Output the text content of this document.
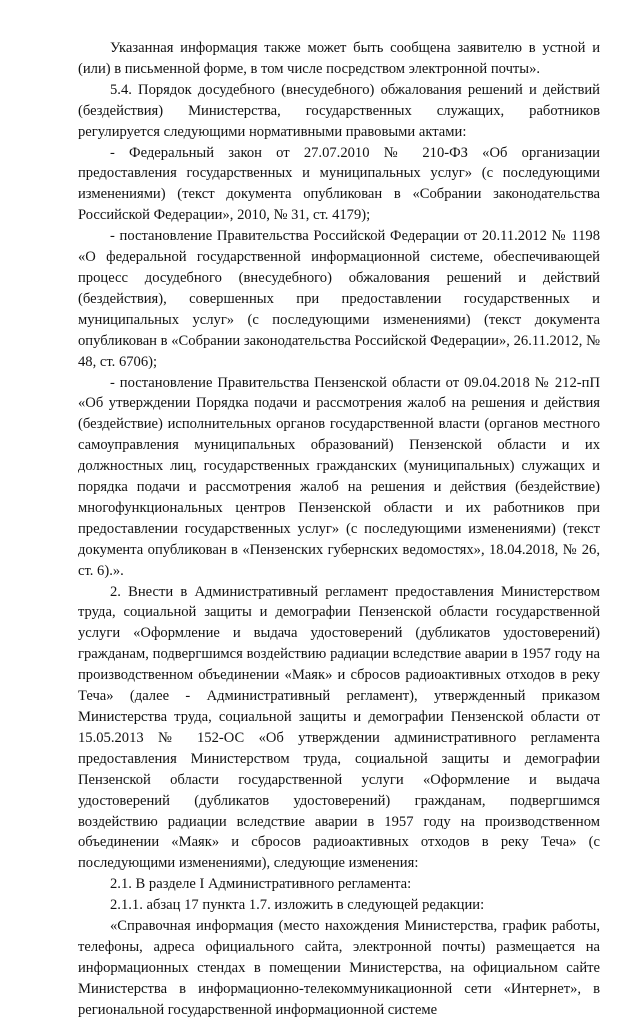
Указанная информация также может быть сообщена заявителю в устной и (или) в письменной форме, в том числе посредством электронной почты».

5.4. Порядок досудебного (внесудебного) обжалования решений и действий (бездействия) Министерства, государственных служащих, работников регулируется следующими нормативными правовыми актами:

- Федеральный закон от 27.07.2010 № 210-ФЗ «Об организации предоставления государственных и муниципальных услуг» (с последующими изменениями) (текст документа опубликован в «Собрании законодательства Российской Федерации», 2010, № 31, ст. 4179);

- постановление Правительства Российской Федерации от 20.11.2012 № 1198 «О федеральной государственной информационной системе, обеспечивающей процесс досудебного (внесудебного) обжалования решений и действий (бездействия), совершенных при предоставлении государственных и муниципальных услуг» (с последующими изменениями) (текст документа опубликован в «Собрании законодательства Российской Федерации», 26.11.2012, № 48, ст. 6706);

- постановление Правительства Пензенской области от 09.04.2018 № 212-пП «Об утверждении Порядка подачи и рассмотрения жалоб на решения и действия (бездействие) исполнительных органов государственной власти (органов местного самоуправления муниципальных образований) Пензенской области и их должностных лиц, государственных гражданских (муниципальных) служащих и порядка подачи и рассмотрения жалоб на решения и действия (бездействие) многофункциональных центров Пензенской области и их работников при предоставлении государственных услуг» (с последующими изменениями) (текст документа опубликован в «Пензенских губернских ведомостях», 18.04.2018, № 26, ст. 6).».

2. Внести в Административный регламент предоставления Министерством труда, социальной защиты и демографии Пензенской области государственной услуги «Оформление и выдача удостоверений (дубликатов удостоверений) гражданам, подвергшимся воздействию радиации вследствие аварии в 1957 году на производственном объединении «Маяк» и сбросов радиоактивных отходов в реку Теча» (далее - Административный регламент), утвержденный приказом Министерства труда, социальной защиты и демографии Пензенской области от 15.05.2013 № 152-ОС «Об утверждении административного регламента предоставления Министерством труда, социальной защиты и демографии Пензенской области государственной услуги «Оформление и выдача удостоверений (дубликатов удостоверений) гражданам, подвергшимся воздействию радиации вследствие аварии в 1957 году на производственном объединении «Маяк» и сбросов радиоактивных отходов в реку Теча» (с последующими изменениями), следующие изменения:

2.1. В разделе I Административного регламента:

2.1.1. абзац 17 пункта 1.7. изложить в следующей редакции:

«Справочная информация (место нахождения Министерства, график работы, телефоны, адреса официального сайта, электронной почты) размещается на информационных стендах в помещении Министерства, на официальном сайте Министерства в информационно-телекоммуникационной сети «Интернет», в региональной государственной информационной системе
